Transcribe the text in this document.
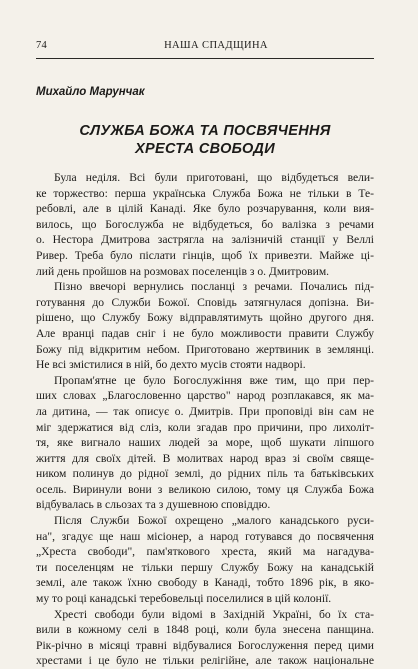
74	НАША СПАДЩИНА
Михайло Марунчак
СЛУЖБА БОЖА ТА ПОСВЯЧЕННЯ
ХРЕСТА СВОБОДИ

Була неділя. Всі були приготовані, що відбудеться вели-
ке торжество: перша українська Служба Божа не тільки в Те-
ребовлі, але в цілій Канаді. Яке було розчарування, коли вия-
вилось, що Богослужба не відбудеться, бо валізка з речами
о. Нестора Дмитрова застрягла на залізничій станції у Веллі
Ривер. Треба було післати гінців, щоб їх привезти. Майже ці-
лий день пройшов на розмовах поселенців з о. Дмитровим.

Пізно ввечорі вернулись посланці з речами. Почались під-
готування до Служби Божої. Сповідь затягнулася допізна. Ви-
рішено, що Службу Божу відправлятимуть щойно другого дня.
Але вранці падав сніг і не було можливости правити Службу
Божу під відкритим небом. Приготовано жертвиник в землянці.
Не всі змістилися в ній, бо дехто мусів стояти надворі.

Пропам'ятне це було Богослужіння вже тим, що при пер-
ших словах „Благословенно царство" народ розплакався, як ма-
ла дитина, — так описує о. Дмитрів. При проповіді він сам не
міг здержатися від сліз, коли згадав про причини, про лихоліт-
тя, яке вигнало наших людей за море, щоб шукати ліпшого
життя для своїх дітей. В молитвах народ враз зі своїм свяще-
ником полинув до рідної землі, до рідних піль та батьківських
осель. Виринули вони з великою силою, тому ця Служба Божа
відбувалась в сльозах та з душевною сповіддю.

Після Служби Божої охрещено „малого канадського руси-
на", згадує ще наш місіонер, а народ готувався до посвячення
„Хреста свободи", пам'яткового хреста, який ма нагадува-
ти поселенцям не тільки першу Службу Божу на канадській
землі, але також їхню свободу в Канаді, тобто 1896 рік, в яко-
му то році канадські теребовельці поселилися в цій колонії.

Хресті свободи були відомі в Західній Україні, бо їх ста-
вили в кожному селі в 1848 році, коли була знесена панщина.
Рік-річно в місяці травні відбувалися Богослуження перед цими
хрестами і це було не тільки релігійне, але також національне
